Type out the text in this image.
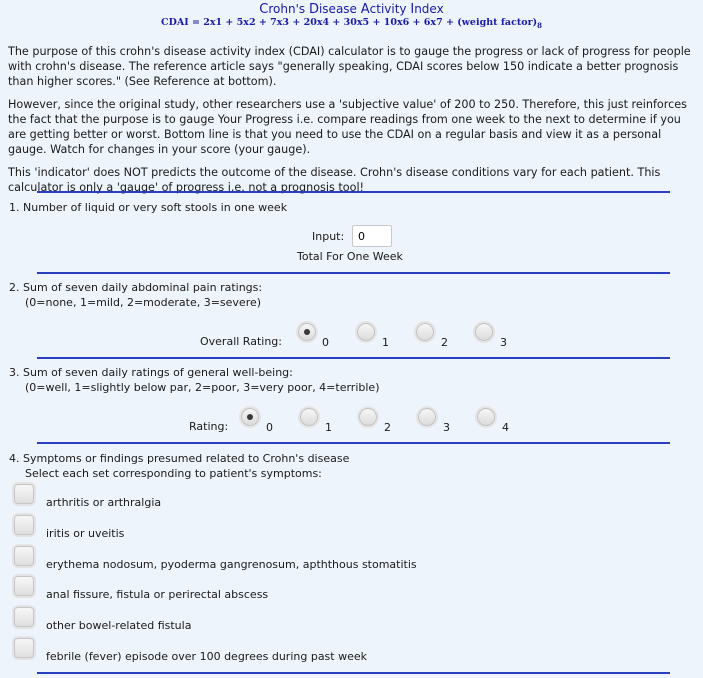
Crohn's Disease Activity Index
CDAI = 2x1 + 5x2 + 7x3 + 20x4 + 30x5 + 10x6 + 6x7 + (weight $factor)_8$

The purpose of this crohn's disease activity index (CDAI) calculator is to gauge the progress or lack of progress for people with crohn's disease. The reference article says "generally speaking, CDAI scores below 150 indicate a better prognosis than higher scores." (See Reference at bottom).

However, since the original study, other researchers use a 'subjective value' of 200 to 250. Therefore, this just reinforces the fact that the purpose is to gauge Your Progress i.e. compare readings from one week to the next to determine if you are getting better or worst. Bottom line is that you need to use the CDAI on a regular basis and view it as a personal gauge. Watch for changes in your score (your gauge).

This 'indicator' does NOT predicts the outcome of the disease. Crohn's disease conditions vary for each patient. This calculator is only a 'gauge' of progress i.e. not a prognosis tool!

1. Number of liquid or very soft stools in one week
Input:
0
Total For One Week
2. Sum of seven daily abdominal pain ratings:
(0=none, 1=mild, 2=moderate, 3=severe)
Overall Rating:	0	1	2	3
3. Sum of seven daily ratings of general well-being:
(0=well, 1=slightly below par, 2=poor, 3=very poor, 4=terrible)
Rating:	0	1	2	3	4
4. Symptoms or findings presumed related to Crohn's disease
Select each set corresponding to patient's symptoms:
arthritis or arthralgia
iritis or uveitis
erythema nodosum, pyoderma gangrenosum, apththous stomatitis
anal fissure, fistula or perirectal abscess
other bowel-related fistula
febrile (fever) episode over 100 degrees during past week
